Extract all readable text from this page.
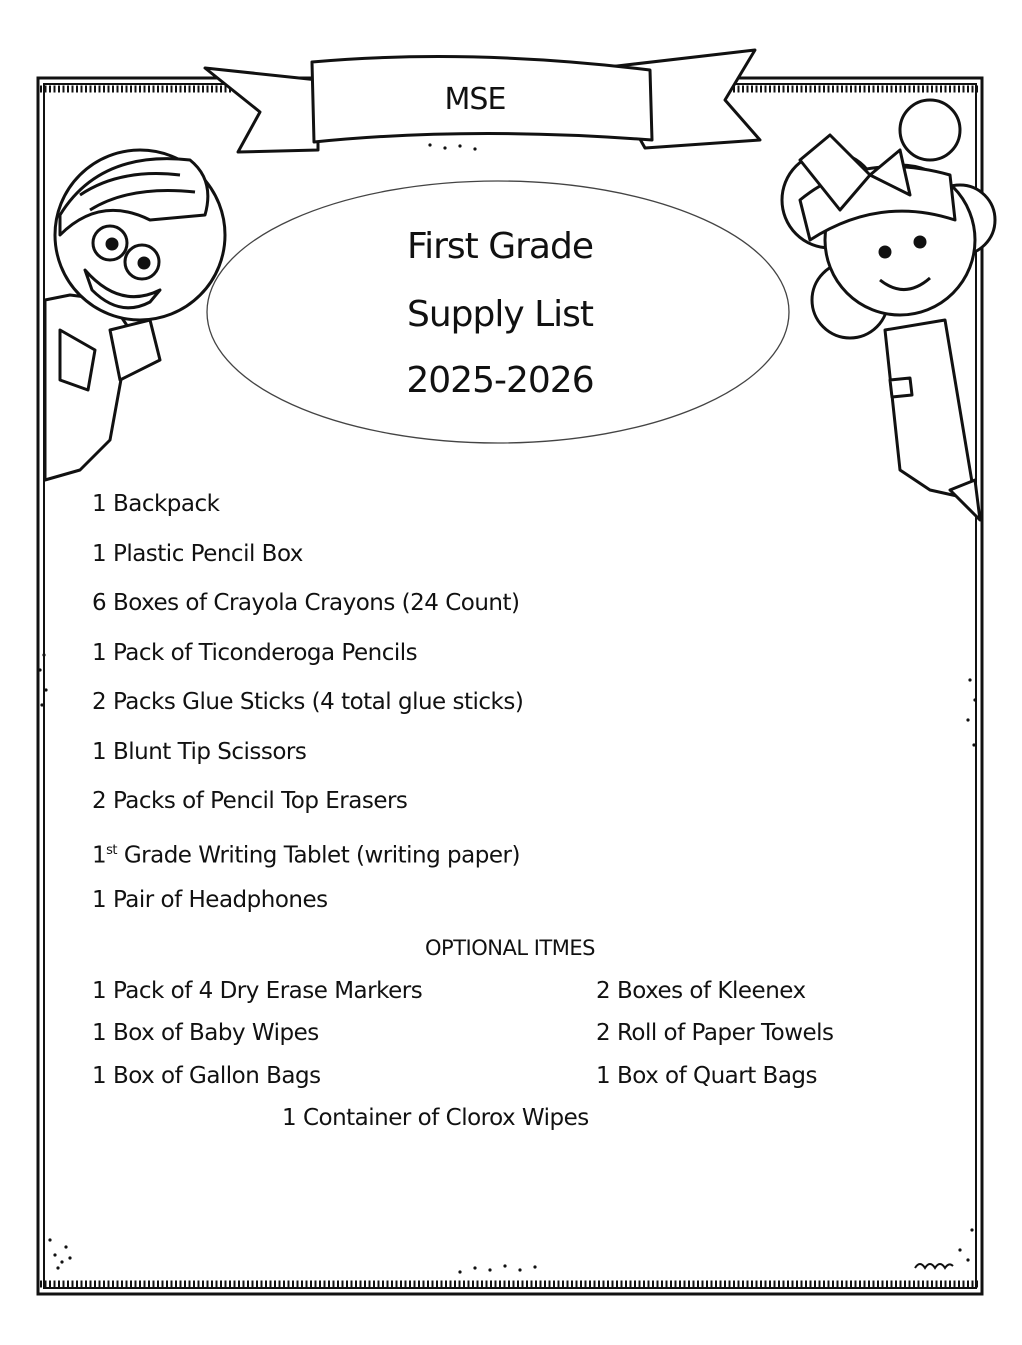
MSE
First Grade
Supply List
2025-2026
1 Backpack
1 Plastic Pencil Box
6 Boxes of Crayola Crayons (24 Count)
1 Pack of Ticonderoga Pencils
2 Packs Glue Sticks (4 total glue sticks)
1 Blunt Tip Scissors
2 Packs of Pencil Top Erasers
1st Grade Writing Tablet (writing paper)
1 Pair of Headphones
OPTIONAL ITMES
1 Pack of 4 Dry Erase Markers
1 Box of Baby Wipes
1 Box of Gallon Bags
2 Boxes of Kleenex
2 Roll of Paper Towels
1 Box of Quart Bags
1 Container of Clorox Wipes
